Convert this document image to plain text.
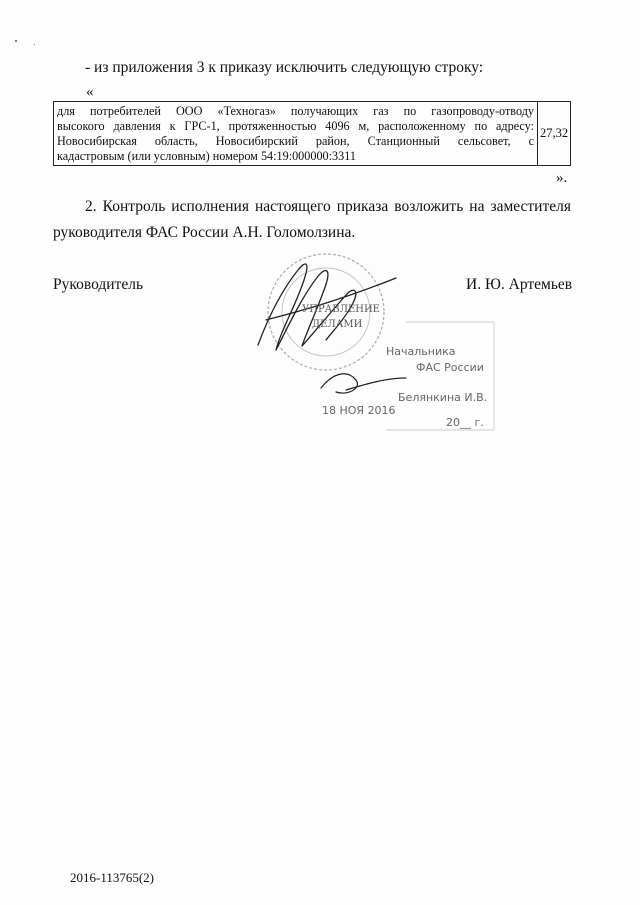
- из приложения 3 к приказу исключить следующую строку:
«
для потребителей ООО «Техногаз» получающих газ по газопроводу-отводу
высокого давления к ГРС-1, протяженностью 4096 м, расположенному по адресу:
Новосибирская область, Новосибирский район, Станционный сельсовет, с
кадастровым (или условным) номером 54:19:000000:3311
27,32
».
2. Контроль исполнения настоящего приказа возложить на заместителя
руководителя ФАС России А.Н. Голомолзина.
Руководитель	И. Ю. Артемьев
УПРАВЛЕНИЕ
ДЕЛАМИ
Начальника
ФАС России
Белянкина И.В.
18 НОЯ 2016
20__ г.
2016-113765(2)
